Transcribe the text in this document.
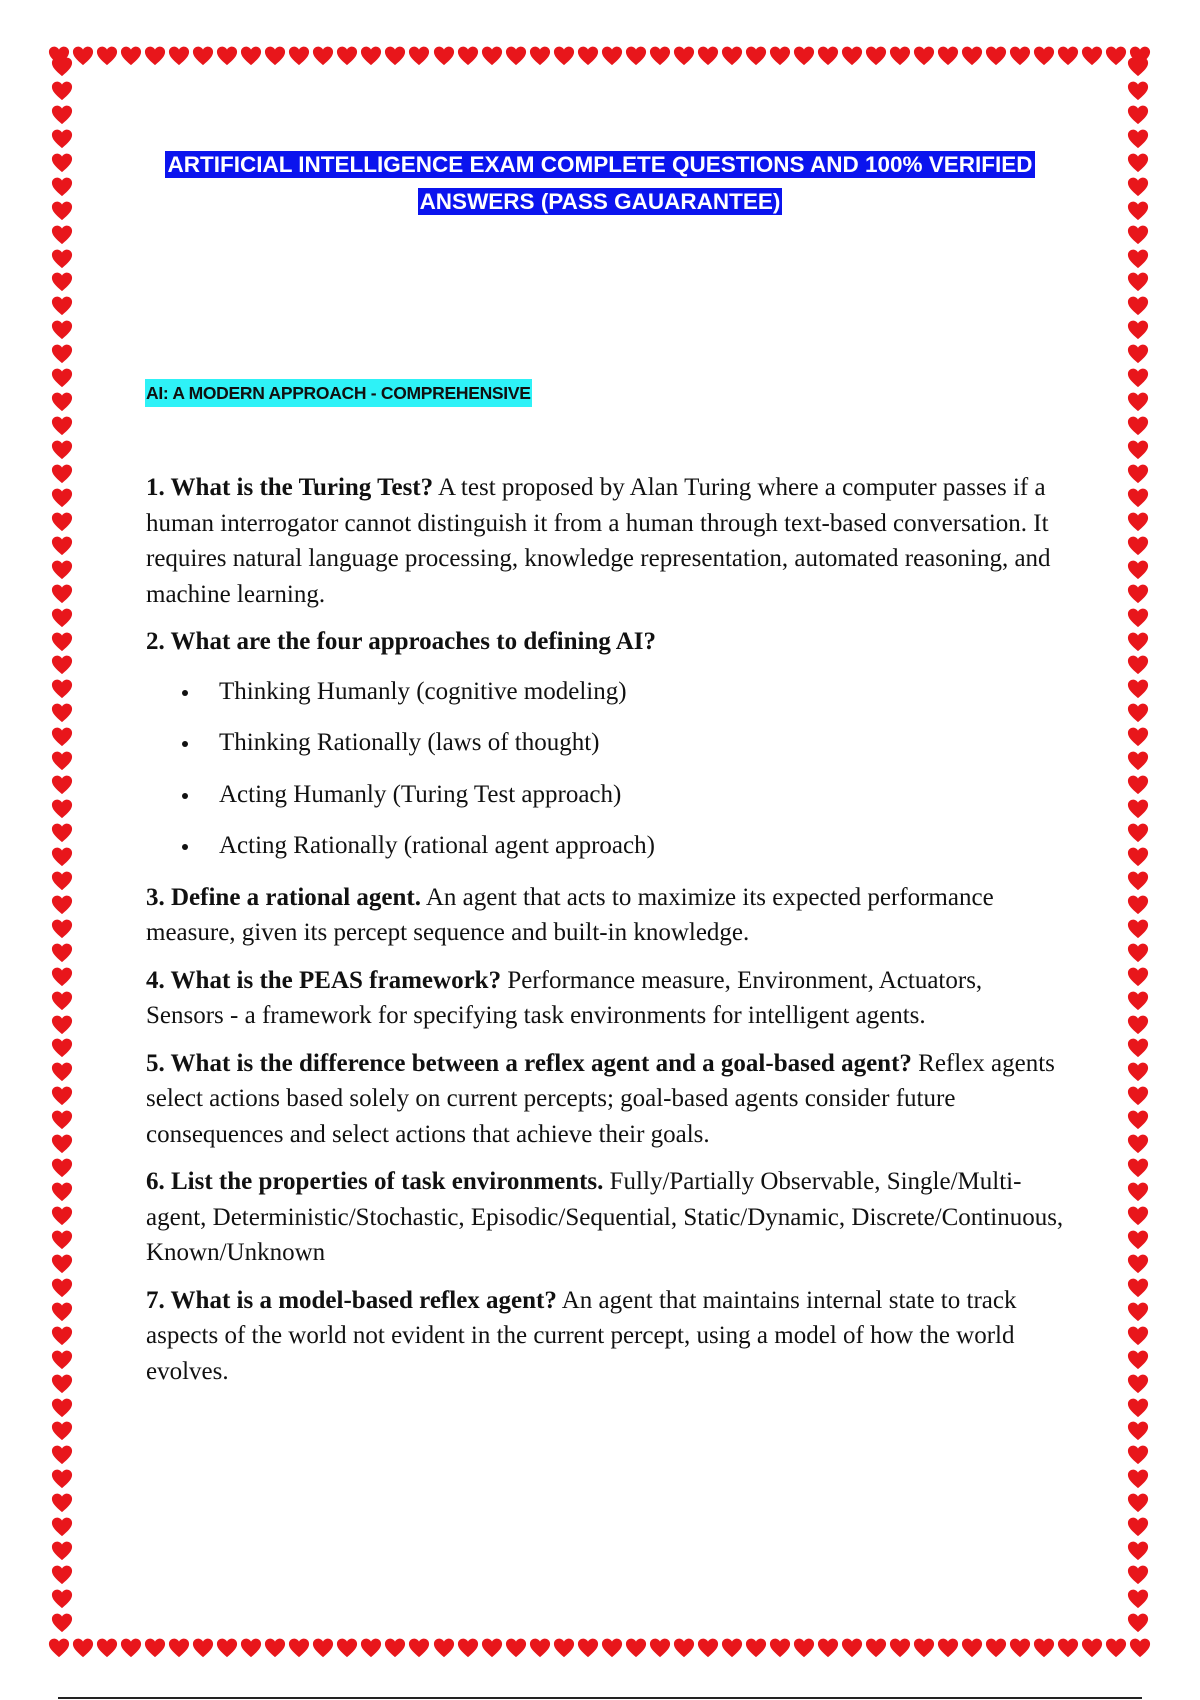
ARTIFICIAL INTELLIGENCE EXAM COMPLETE QUESTIONS AND 100% VERIFIED ANSWERS (PASS GAUARANTEE)
AI: A MODERN APPROACH - COMPREHENSIVE

1. What is the Turing Test? A test proposed by Alan Turing where a computer passes if a human interrogator cannot distinguish it from a human through text-based conversation. It requires natural language processing, knowledge representation, automated reasoning, and machine learning.

2. What are the four approaches to defining AI?

Thinking Humanly (cognitive modeling)
Thinking Rationally (laws of thought)
Acting Humanly (Turing Test approach)
Acting Rationally (rational agent approach)

3. Define a rational agent. An agent that acts to maximize its expected performance measure, given its percept sequence and built-in knowledge.

4. What is the PEAS framework? Performance measure, Environment, Actuators, Sensors - a framework for specifying task environments for intelligent agents.

5. What is the difference between a reflex agent and a goal-based agent? Reflex agents select actions based solely on current percepts; goal-based agents consider future consequences and select actions that achieve their goals.

6. List the properties of task environments. Fully/Partially Observable, Single/Multi-agent, Deterministic/Stochastic, Episodic/Sequential, Static/Dynamic, Discrete/Continuous, Known/Unknown

7. What is a model-based reflex agent? An agent that maintains internal state to track aspects of the world not evident in the current percept, using a model of how the world evolves.
